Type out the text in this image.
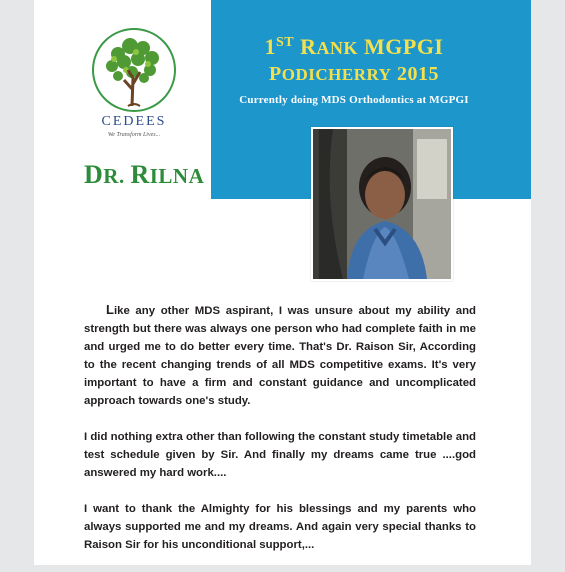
1ST RANK MGPGI
PODICHERRY 2015
Currently doing MDS Orthodontics at MGPGI
CEDEES
We Transform Lives...
DR. RILNA

Like any other MDS aspirant, I was unsure about my ability and strength but there was always one person who had complete faith in me and urged me to do better every time. That's Dr. Raison Sir, According to the recent changing trends of all MDS competitive exams. It's very important to have a firm and constant guidance and uncomplicated approach towards one's study.

I did nothing extra other than following the constant study timetable and test schedule given by Sir. And finally my dreams came true ....god answered my hard work....

I want to thank the Almighty for his blessings and my parents who always supported me and my dreams. And again very special thanks to Raison Sir for his unconditional support,...
